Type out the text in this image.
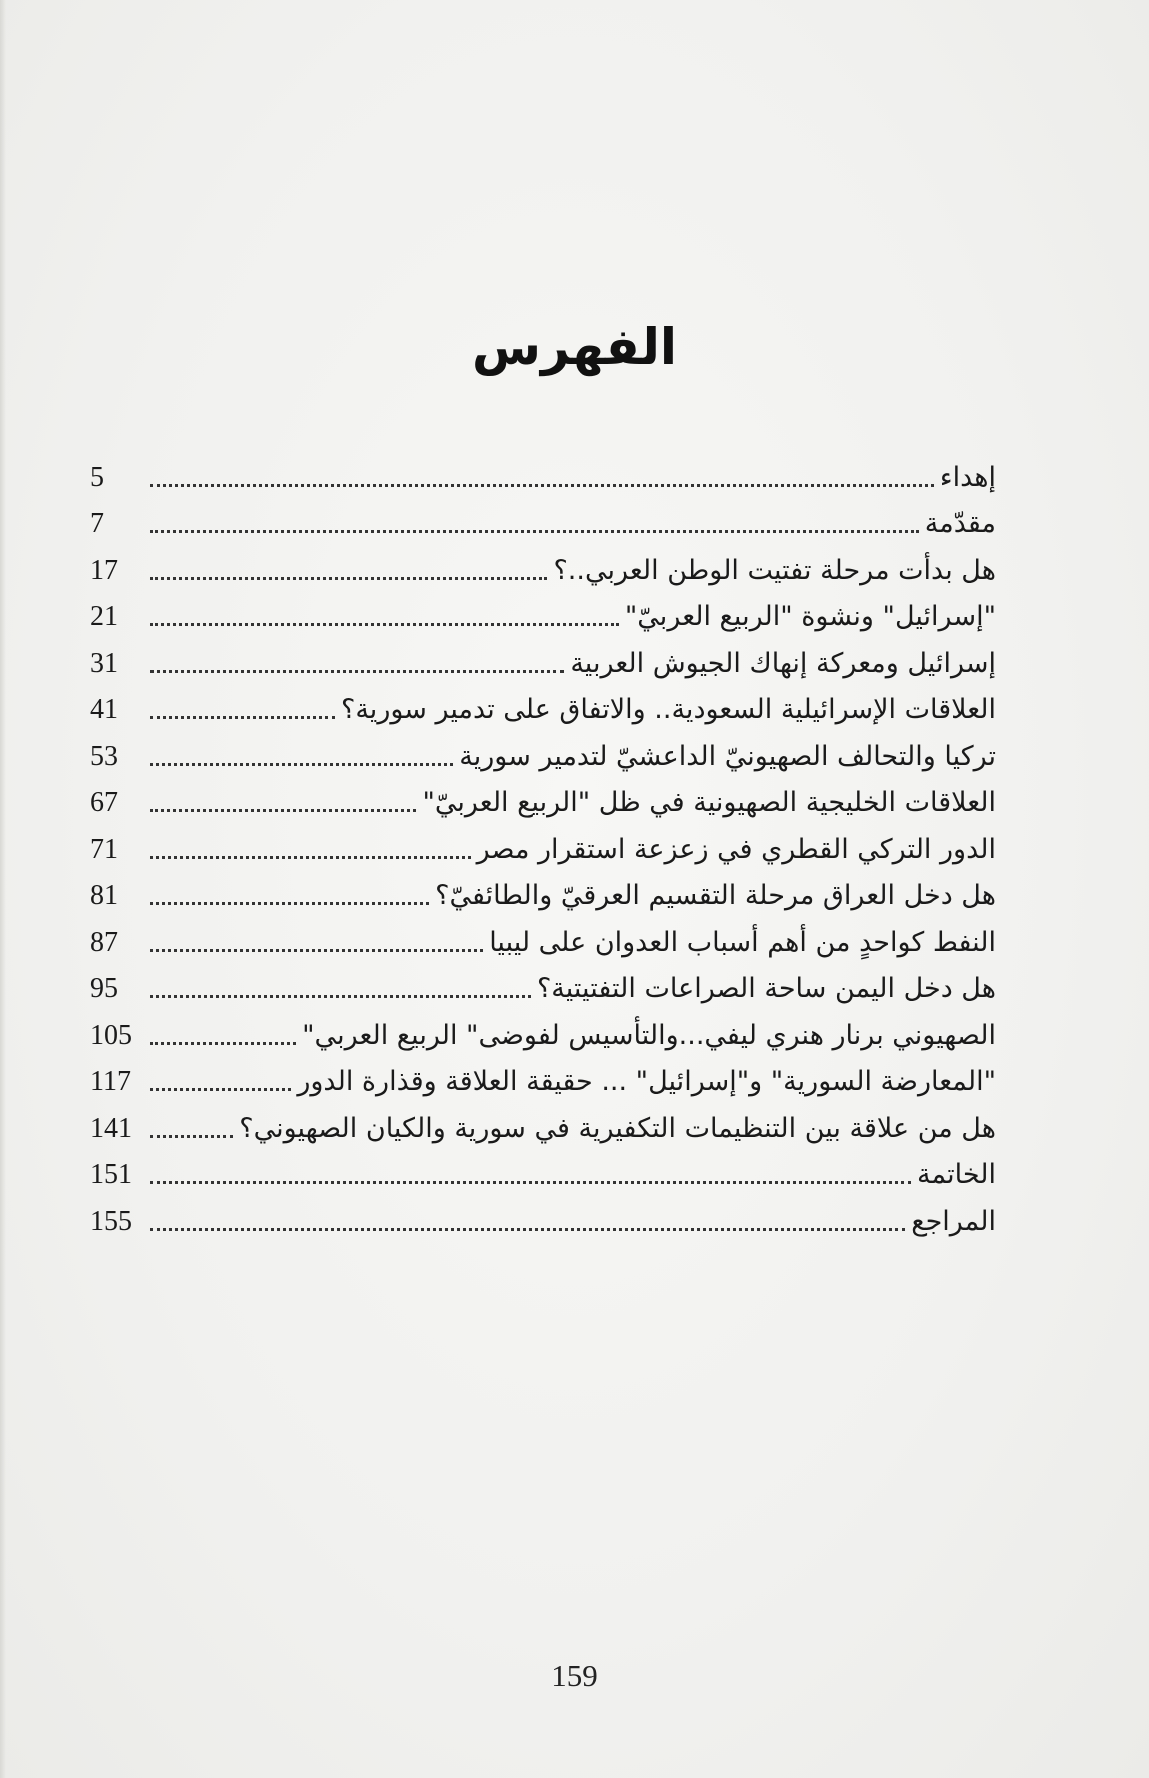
الفهرس
إهداء
5
مقدّمة
7
هل بدأت مرحلة تفتيت الوطن العربي..؟
17
"إسرائيل" ونشوة "الربيع العربيّ"
21
إسرائيل ومعركة إنهاك الجيوش العربية
31
العلاقات الإسرائيلية السعودية.. والاتفاق على تدمير سورية؟
41
تركيا والتحالف الصهيونيّ الداعشيّ لتدمير سورية
53
العلاقات الخليجية الصهيونية في ظل "الربيع العربيّ"
67
الدور التركي القطري في زعزعة استقرار مصر
71
هل دخل العراق مرحلة التقسيم العرقيّ والطائفيّ؟
81
النفط كواحدٍ من أهم أسباب العدوان على ليبيا
87
هل دخل اليمن ساحة الصراعات التفتيتية؟
95
الصهيوني برنار هنري ليفي...والتأسيس لفوضى" الربيع العربي"
105
"المعارضة السورية" و"إسرائيل" ... حقيقة العلاقة وقذارة الدور
117
هل من علاقة بين التنظيمات التكفيرية في سورية والكيان الصهيوني؟
141
الخاتمة
151
المراجع
155
159
